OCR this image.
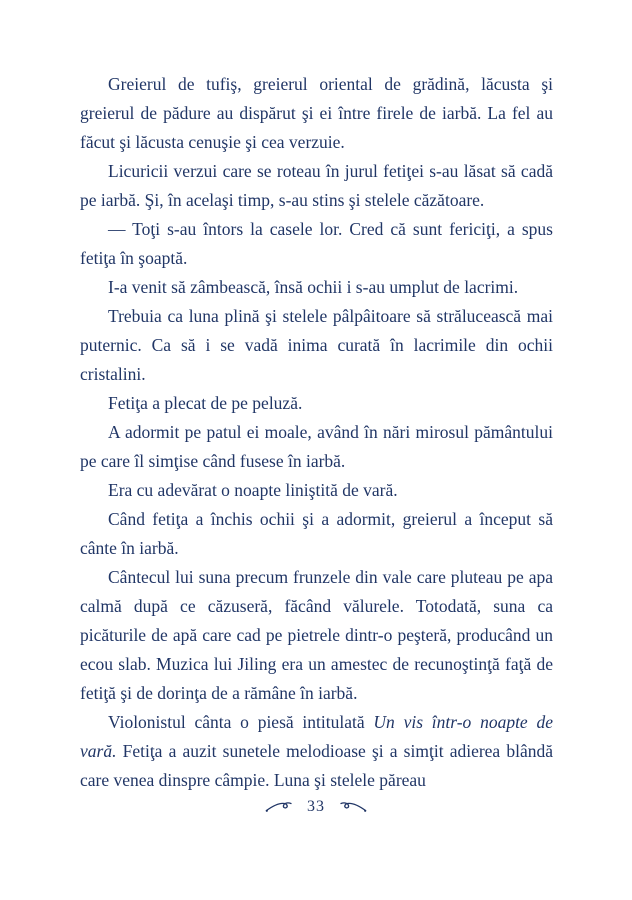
Greierul de tufiş, greierul oriental de grădină, lăcusta şi greierul de pădure au dispărut şi ei între firele de iarbă. La fel au făcut şi lăcusta cenuşie şi cea verzuie.

Licuricii verzui care se roteau în jurul fetiţei s-au lăsat să cadă pe iarbă. Şi, în acelaşi timp, s-au stins şi stelele căzătoare.

— Toţi s-au întors la casele lor. Cred că sunt fericiţi, a spus fetiţa în şoaptă.

I-a venit să zâmbească, însă ochii i s-au umplut de lacrimi.

Trebuia ca luna plină şi stelele pâlpâitoare să strălucească mai puternic. Ca să i se vadă inima curată în lacrimile din ochii cristalini.

Fetiţa a plecat de pe peluză.

A adormit pe patul ei moale, având în nări mirosul pământului pe care îl simţise când fusese în iarbă.

Era cu adevărat o noapte liniştită de vară.

Când fetiţa a închis ochii şi a adormit, greierul a început să cânte în iarbă.

Cântecul lui suna precum frunzele din vale care pluteau pe apa calmă după ce căzuseră, făcând vălurele. Totodată, suna ca picăturile de apă care cad pe pietrele dintr-o peşteră, producând un ecou slab. Muzica lui Jiling era un amestec de recunoştinţă faţă de fetiţă şi de dorinţa de a rămâne în iarbă.

Violonistul cânta o piesă intitulată Un vis într-o noapte de vară. Fetiţa a auzit sunetele melodioase şi a simţit adierea blândă care venea dinspre câmpie. Luna şi stelele păreau

33
